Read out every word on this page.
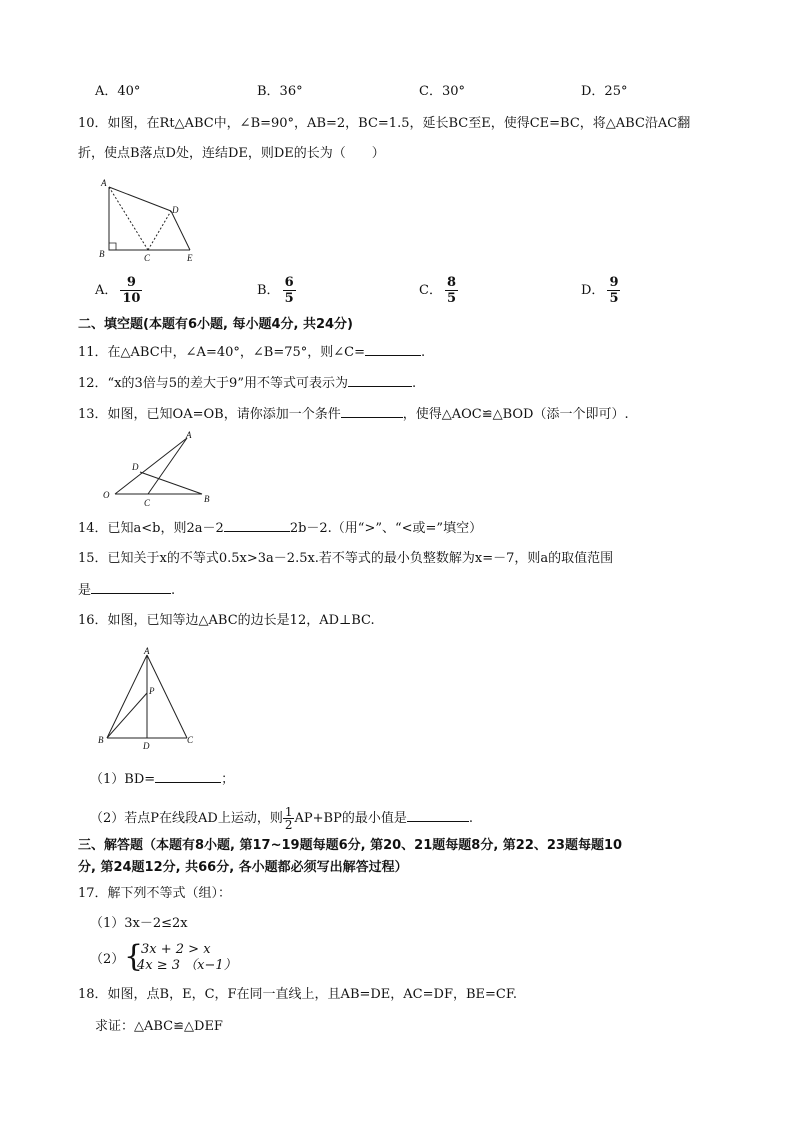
A．40°	B．36°	C．30°	D．25°
10．如图，在Rt△ABC中，∠B=90°，AB=2，BC=1.5，延长BC至E，使得CE=BC，将△ABC沿AC翻
折，使点B落点D处，连结DE，则DE的长为（　　）
A
D
B	C	E
A． $\frac{9}{10}$	B． $\frac{6}{5}$	C． $\frac{8}{5}$	D． $\frac{9}{5}$
二、填空题(本题有6小题, 每小题4分, 共24分)
11．在△ABC中，∠A=40°，∠B=75°，则∠C=	.
12．“x的3倍与5的差大于9”用不等式可表示为	.
13．如图，已知OA=OB，请你添加一个条件	，使得△AOC≌△BOD（添一个即可）.
A
D
O
C	B
14．已知a<b，则2a－2	2b－2.（用“>”、“<或=”填空）
15．已知关于x的不等式0.5x>3a－2.5x.若不等式的最小负整数解为x=－7，则a的取值范围
是	.
16．如图，已知等边△ABC的边长是12，AD⊥BC.
A
P
B	C
D
（1）BD=	；
（2）若点P在线段AD上运动，则 $\frac{1}{2} AP+BP$的最小值是	.
三、解答题（本题有8小题, 第17~19题每题6分, 第20、21题每题8分, 第22、23题每题10
分, 第24题12分, 共66分, 各小题都必须写出解答过程）
17．解下列不等式（组）：
（1）3x－2≤2x
（2） {
3x + 2 > x
4x ≥ 3 （x−1）
18．如图，点B，E，C，F在同一直线上，且AB=DE，AC=DF，BE=CF.
求证：△ABC≌△DEF
